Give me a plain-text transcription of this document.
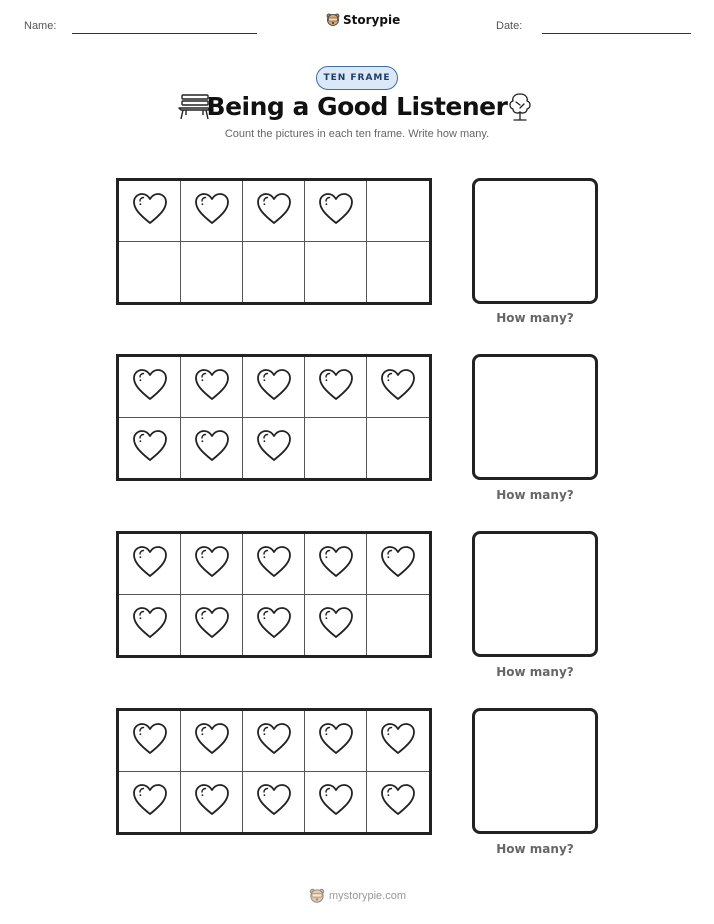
Name:	Storypie	Date:
TEN FRAME
Being a Good Listener
Count the pictures in each ten frame. Write how many.
How many?
How many?
How many?
How many?
mystorypie.com
